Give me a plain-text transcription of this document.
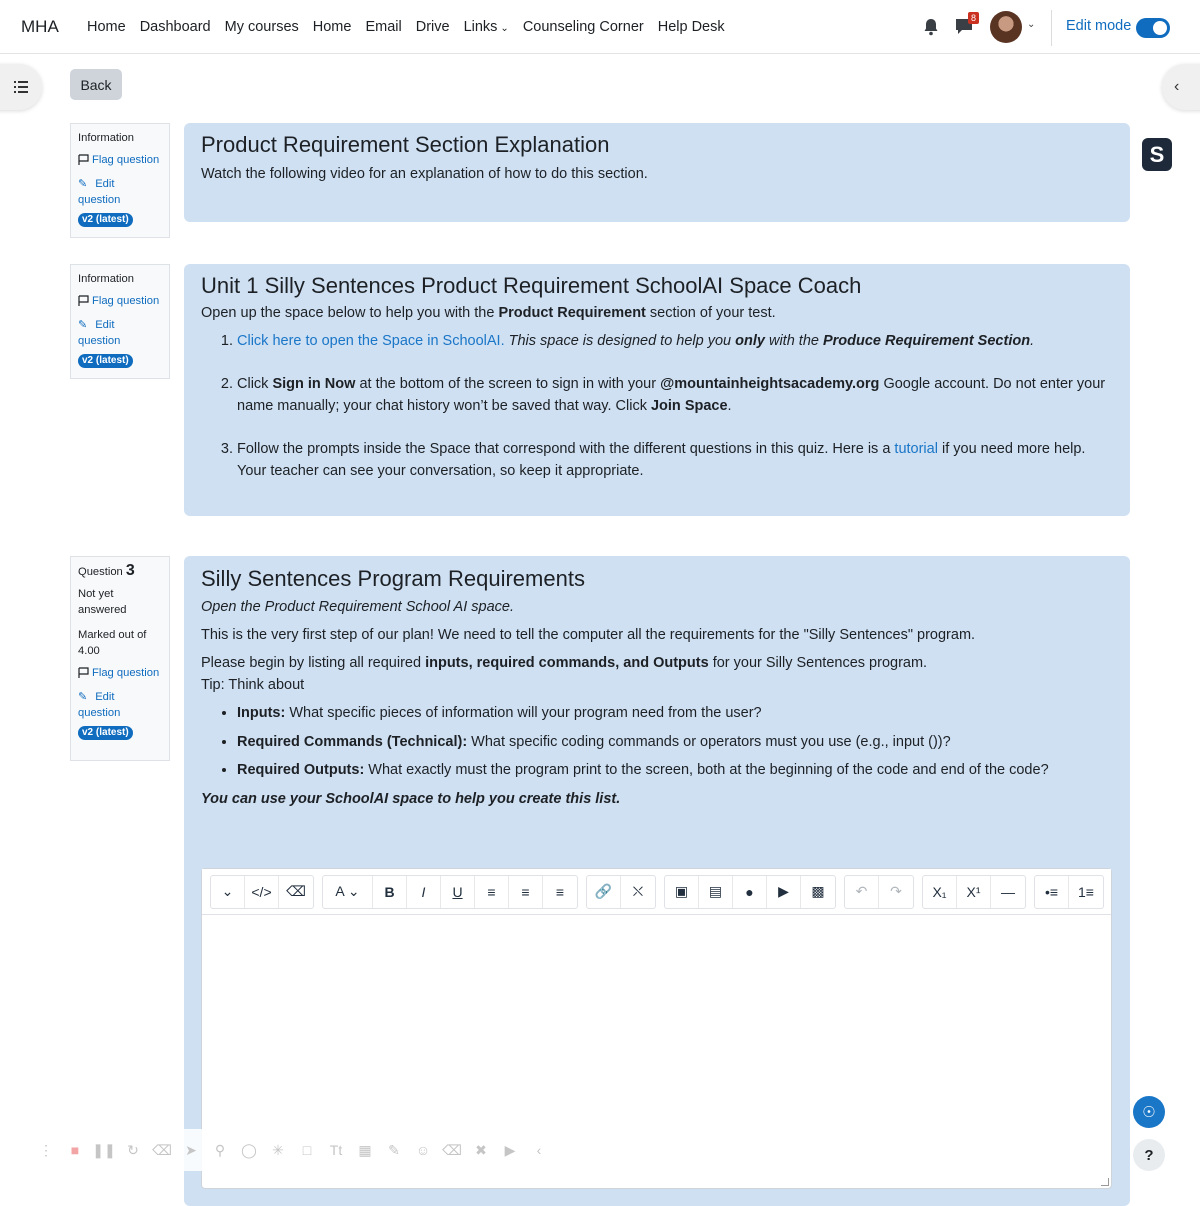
MHA	Home Dashboard My courses Home Email Drive Links ⌄ Counseling Corner Help Desk
8
⌄ Edit mode
‹
Back
S
Information
Flag question
✎ Edit question
v2 (latest)
Information
Flag question
✎ Edit question
v2 (latest)
Question 3
Not yet answered
Marked out of 4.00
Flag question
✎ Edit question
v2 (latest)
Product Requirement Section Explanation

Watch the following video for an explanation of how to do this section.

Unit 1 Silly Sentences Product Requirement SchoolAI Space Coach

Open up the space below to help you with the Product Requirement section of your test.

1. Click here to open the Space in SchoolAI. This space is designed to help you only with the Produce Requirement Section.
2. Click Sign in Now at the bottom of the screen to sign in with your @mountainheightsacademy.org Google account. Do not enter your name manually; your chat history won’t be saved that way. Click Join Space.
3. Follow the prompts inside the Space that correspond with the different questions in this quiz. Here is a tutorial if you need more help. Your teacher can see your conversation, so keep it appropriate.
Silly Sentences Program Requirements

Open the Product Requirement School AI space.

This is the very first step of our plan! We need to tell the computer all the requirements for the "Silly Sentences" program.

Please begin by listing all required inputs, required commands, and Outputs for your Silly Sentences program.

Tip: Think about

• Inputs: What specific pieces of information will your program need from the user?
• Required Commands (Technical): What specific coding commands or operators must you use (e.g., input ())?
• Required Outputs: What exactly must the program print to the screen, both at the beginning of the code and end of the code?

You can use your SchoolAI space to help you create this list.

⌄	</>	⌫	A ⌄	B	I	U	≡	≡	≡	🔗	⛌	▣	▤	●	▶	▩	↶	↷	X₁	X¹	—	•≡	1≡
⋮	■ ❚❚ ↻ ⌫ ➤	⚲	◯ ✳	□	Tt ▦ ✎ ☺ ⌫ ✖	▶	‹
☉
?
